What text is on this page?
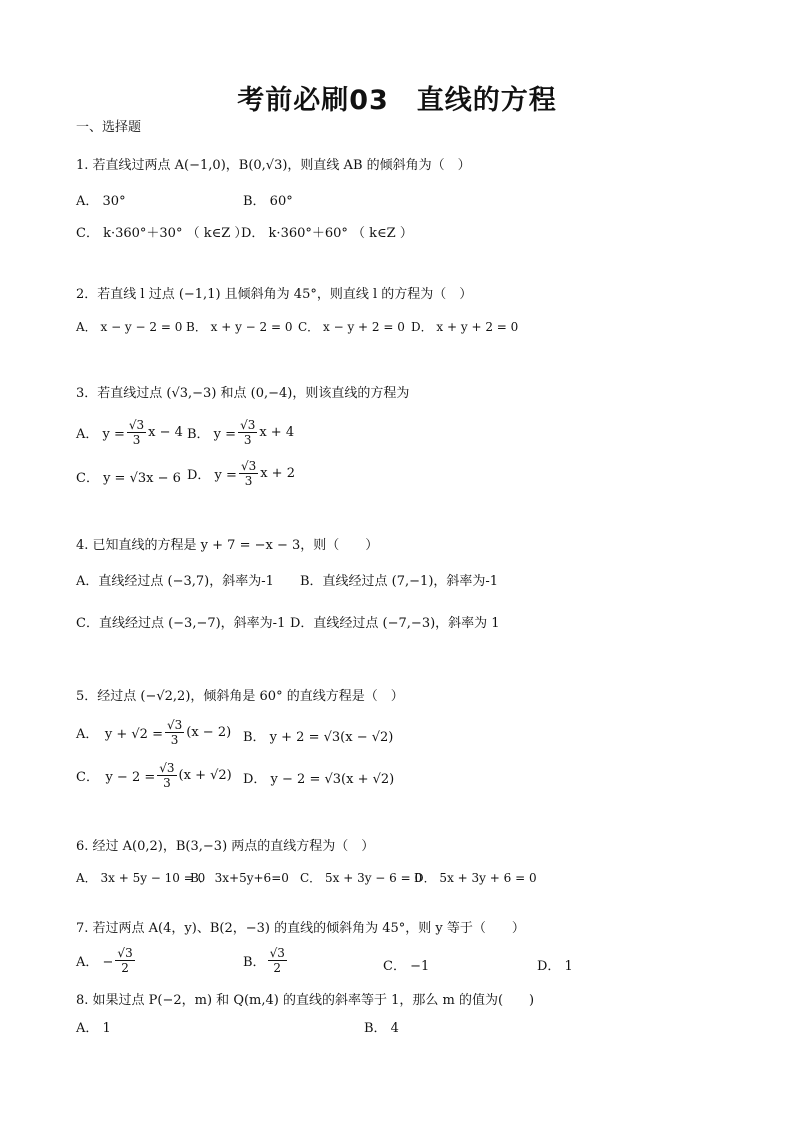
考前必刷03　直线的方程
一、选择题
1. 若直线过两点 A(−1,0)，B(0,√3)，则直线 AB 的倾斜角为（　）
A． 30°	B． 60°
C． k·360°＋30° （ k∈Z ）
D． k·360°＋60° （ k∈Z ）
2．若直线 l 过点 (−1,1) 且倾斜角为 45°，则直线 l 的方程为（　）
A． x − y − 2 = 0 B． x + y − 2 = 0 C． x − y + 2 = 0 D． x + y + 2 = 0
3．若直线过点 (√3,−3) 和点 (0,−4)，则该直线的方程为
A． $y = \frac{√3}{3}$ x − 4 B． $y = \frac{√3}{3}$ x + 4
C． y = √3x − 6 D． $y = \frac{√3}{3}$ x + 2
4. 已知直线的方程是 y + 7 = −x − 3，则（　　）
A．直线经过点 (−3,7)，斜率为-1 B．直线经过点 (7,−1)，斜率为-1
C．直线经过点 (−3,−7)，斜率为-1 D．直线经过点 (−7,−3)，斜率为 1
5．经过点 (−√2,2)，倾斜角是 60° 的直线方程是（　）
A．　$y + √2 = \frac{√3}{3} (x - 2)$ B． y + 2 = √3(x − √2)
C．　$y - 2 = \frac{√3}{3} (x + √2)$ D． y − 2 = √3(x + √2)
6. 经过 A(0,2)，B(3,−3) 两点的直线方程为（　）
A． 3x + 5y − 10 = 0
B． 3x+5y+6=0 C． 5x + 3y − 6 = 0
D． 5x + 3y + 6 = 0
7. 若过两点 A(4，y)、B(2，−3) 的直线的倾斜角为 45°，则 y 等于（　　）
A． − $\frac{√3}{2}$	B． $\frac{√3}{2}$	C． −1	D． 1
8. 如果过点 P(−2，m) 和 Q(m,4) 的直线的斜率等于 1，那么 m 的值为(　　)
A． 1	B． 4
